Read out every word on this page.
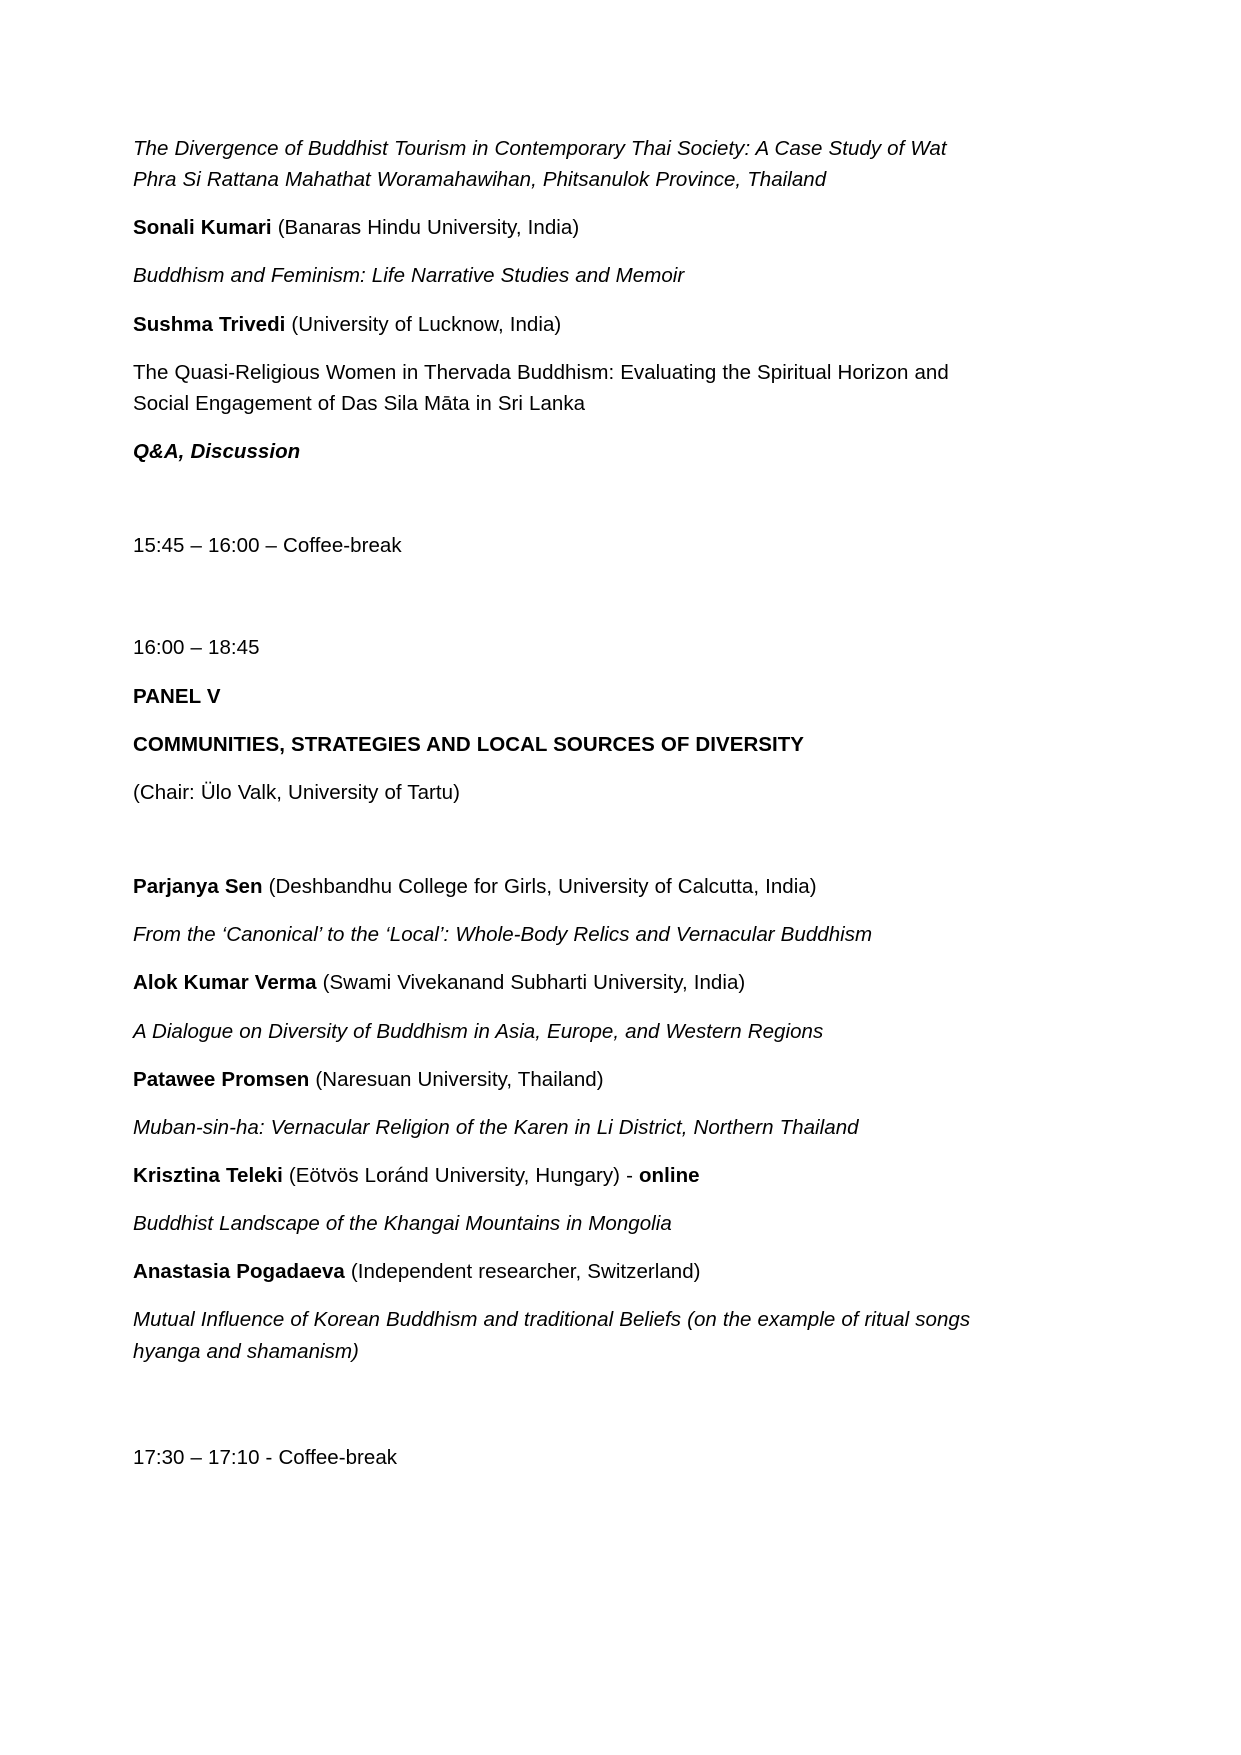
The Divergence of Buddhist Tourism in Contemporary Thai Society: A Case Study of Wat Phra Si Rattana Mahathat Woramahawihan, Phitsanulok Province, Thailand

Sonali Kumari (Banaras Hindu University, India)

Buddhism and Feminism: Life Narrative Studies and Memoir

Sushma Trivedi (University of Lucknow, India)

The Quasi-Religious Women in Thervada Buddhism: Evaluating the Spiritual Horizon and Social Engagement of Das Sila Māta in Sri Lanka

Q&A, Discussion

15:45 – 16:00 – Coffee-break

16:00 – 18:45

PANEL V

COMMUNITIES, STRATEGIES AND LOCAL SOURCES OF DIVERSITY

(Chair: Ülo Valk, University of Tartu)

Parjanya Sen (Deshbandhu College for Girls, University of Calcutta, India)

From the ‘Canonical’ to the ‘Local’: Whole-Body Relics and Vernacular Buddhism

Alok Kumar Verma (Swami Vivekanand Subharti University, India)

A Dialogue on Diversity of Buddhism in Asia, Europe, and Western Regions

Patawee Promsen (Naresuan University, Thailand)

Muban-sin-ha: Vernacular Religion of the Karen in Li District, Northern Thailand

Krisztina Teleki (Eötvös Loránd University, Hungary) - online

Buddhist Landscape of the Khangai Mountains in Mongolia

Anastasia Pogadaeva (Independent researcher, Switzerland)

Mutual Influence of Korean Buddhism and traditional Beliefs (on the example of ritual songs hyanga and shamanism)

17:30 – 17:10 - Coffee-break
